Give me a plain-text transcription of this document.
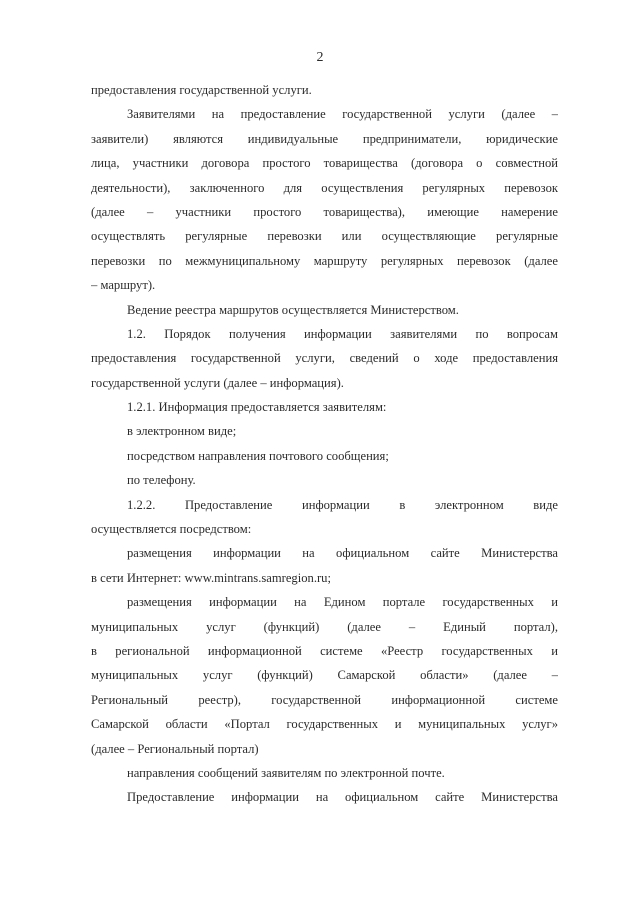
2
предоставления государственной услуги.
Заявителями на предоставление государственной услуги (далее –
заявители) являются индивидуальные предприниматели, юридические
лица, участники договора простого товарищества (договора о совместной
деятельности), заключенного для осуществления регулярных перевозок
(далее – участники простого товарищества), имеющие намерение
осуществлять регулярные перевозки или осуществляющие регулярные
перевозки по межмуниципальному маршруту регулярных перевозок (далее
– маршрут).
Ведение реестра маршрутов осуществляется Министерством.
1.2. Порядок получения информации заявителями по вопросам
предоставления государственной услуги, сведений о ходе предоставления
государственной услуги (далее – информация).
1.2.1. Информация предоставляется заявителям:
в электронном виде;
посредством направления почтового сообщения;
по телефону.
1.2.2. Предоставление информации в электронном виде
осуществляется посредством:
размещения информации на официальном сайте Министерства
в сети Интернет: www.mintrans.samregion.ru;
размещения информации на Едином портале государственных и
муниципальных услуг (функций) (далее – Единый портал),
в региональной информационной системе «Реестр государственных и
муниципальных услуг (функций) Самарской области» (далее –
Региональный реестр), государственной информационной системе
Самарской области «Портал государственных и муниципальных услуг»
(далее – Региональный портал)
направления сообщений заявителям по электронной почте.
Предоставление информации на официальном сайте Министерства
